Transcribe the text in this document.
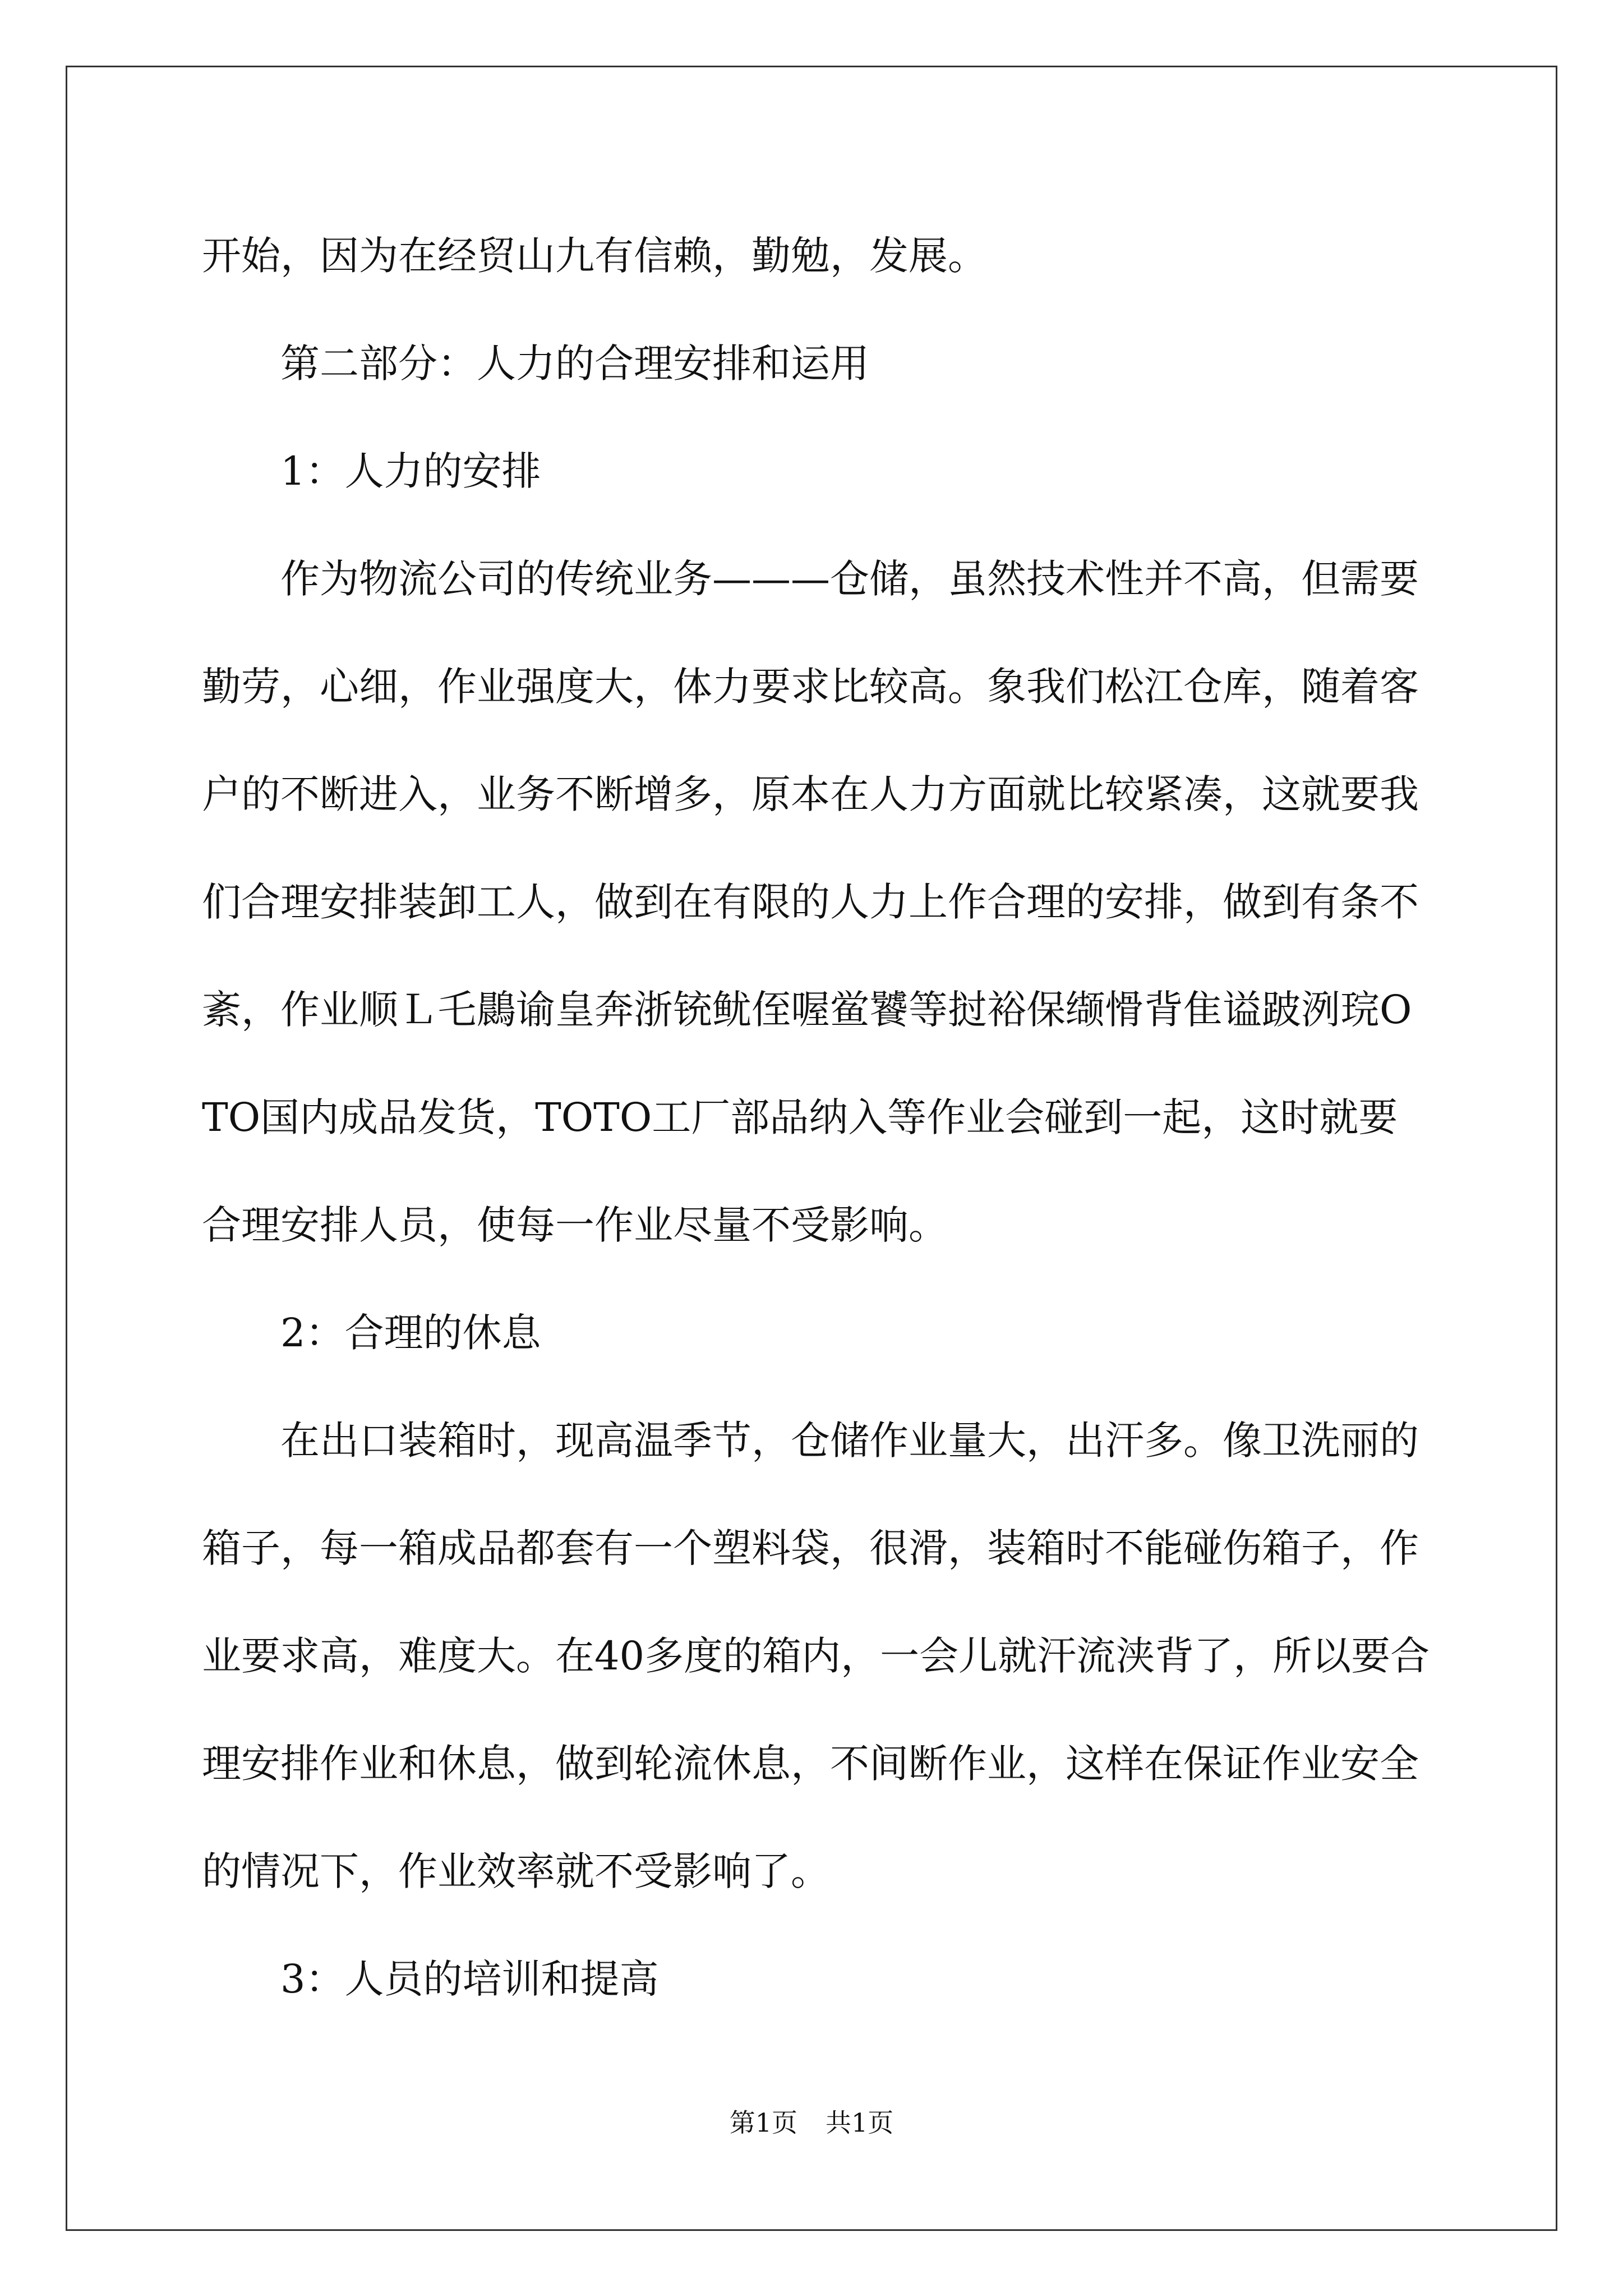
开始，因为在经贸山九有信赖，勤勉，发展。

第二部分：人力的合理安排和运用

1：人力的安排

作为物流公司的传统业务———仓储，虽然技术性并不高，但需要勤劳，心细，作业强度大，体力要求比较高。象我们松江仓库，随着客户的不断进入，业务不断增多，原本在人力方面就比较紧凑，这就要我们合理安排装卸工人，做到在有限的人力上作合理的安排，做到有条不紊，作业顺Ｌ乇鷐谕皇奔浙铳鱿侄喔鲎饕等挝裕保缬愲背隹谥跛洌琓OTO国内成品发货，TOTO工厂部品纳入等作业会碰到一起，这时就要合理安排人员，使每一作业尽量不受影响。

2：合理的休息

在出口装箱时，现高温季节，仓储作业量大，出汗多。像卫洗丽的箱子，每一箱成品都套有一个塑料袋，很滑，装箱时不能碰伤箱子，作业要求高，难度大。在40多度的箱内，一会儿就汗流浃背了，所以要合理安排作业和休息，做到轮流休息，不间断作业，这样在保证作业安全的情况下，作业效率就不受影响了。

3：人员的培训和提高

第1页 共1页
